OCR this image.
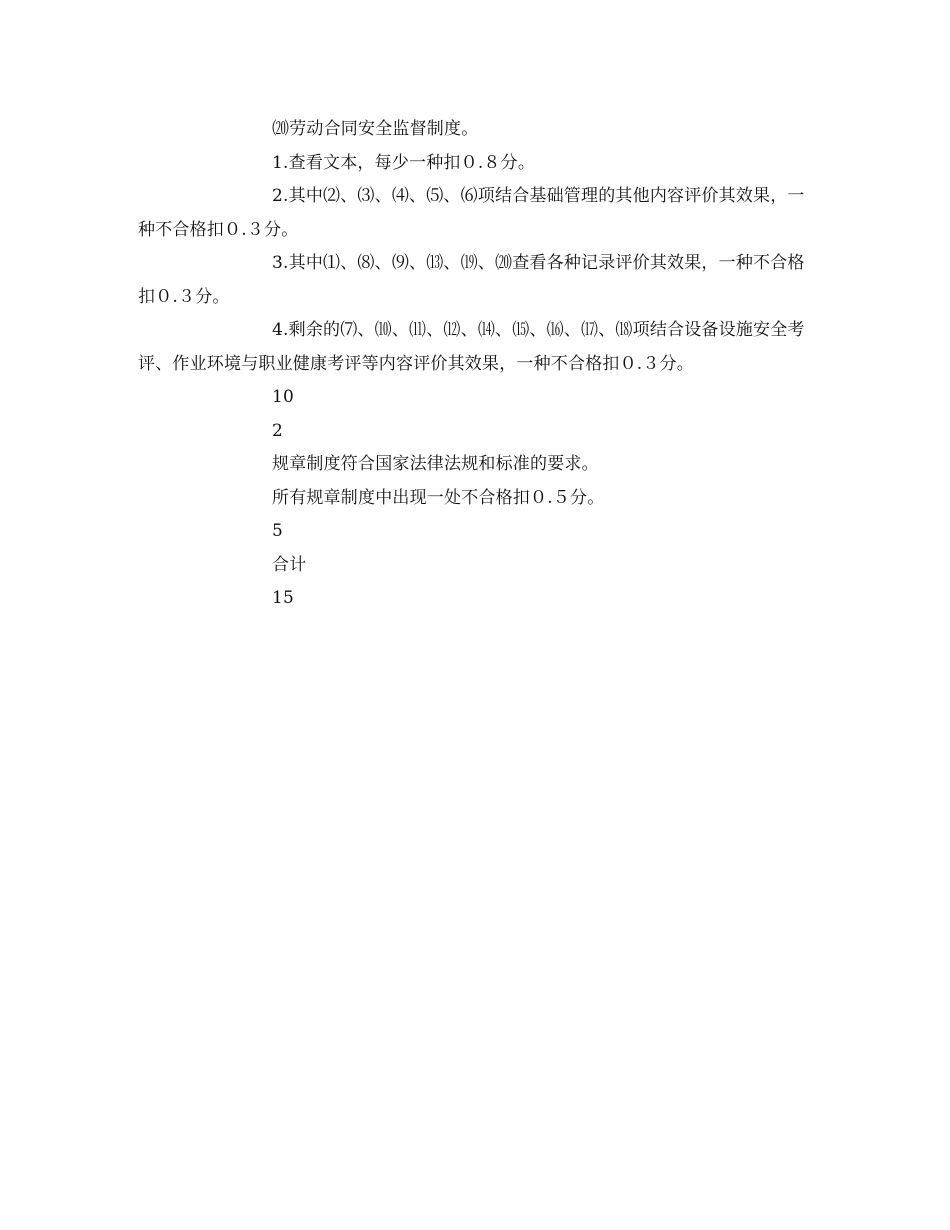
⒇劳动合同安全监督制度。

1.查看文本，每少一种扣０.８分。

2.其中⑵、⑶、⑷、⑸、⑹项结合基础管理的其他内容评价其效果，一种不合格扣０.３分。

3.其中⑴、⑻、⑼、⒀、⒆、⒇查看各种记录评价其效果，一种不合格扣０.３分。

4.剩余的⑺、⑽、⑾、⑿、⒁、⒂、⒃、⒄、⒅项结合设备设施安全考评、作业环境与职业健康考评等内容评价其效果，一种不合格扣０.３分。

10

2

规章制度符合国家法律法规和标准的要求。

所有规章制度中出现一处不合格扣０.５分。

5

合计

15
